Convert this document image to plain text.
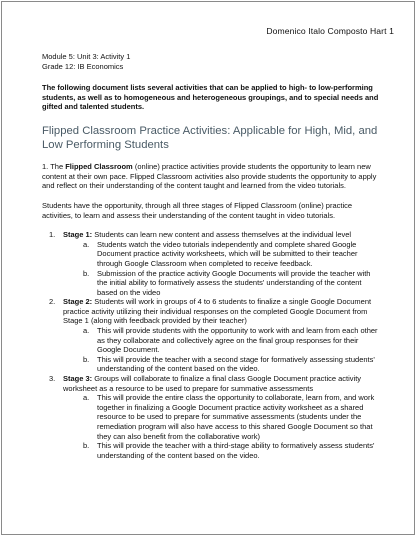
Domenico Italo Composto Hart 1
Module 5: Unit 3: Activity 1
Grade 12: IB Economics
The following document lists several activities that can be applied to high- to low-performing students, as well as to homogeneous and heterogeneous groupings, and to special needs and gifted and talented students.
Flipped Classroom Practice Activities: Applicable for High, Mid, and Low Performing Students
1. The Flipped Classroom (online) practice activities provide students the opportunity to learn new content at their own pace. Flipped Classroom activities also provide students the opportunity to apply and reflect on their understanding of the content taught and learned from the video tutorials.
Students have the opportunity, through all three stages of Flipped Classroom (online) practice activities, to learn and assess their understanding of the content taught in video tutorials.
1. Stage 1: Students can learn new content and assess themselves at the individual level
a. Students watch the video tutorials independently and complete shared Google Document practice activity worksheets, which will be submitted to their teacher through Google Classroom when completed to receive feedback.
b. Submission of the practice activity Google Documents will provide the teacher with the initial ability to formatively assess the students' understanding of the content based on the video
2. Stage 2: Students will work in groups of 4 to 6 students to finalize a single Google Document practice activity utilizing their individual responses on the completed Google Document from Stage 1 (along with feedback provided by their teacher)
a. This will provide students with the opportunity to work with and learn from each other as they collaborate and collectively agree on the final group responses for their Google Document.
b. This will provide the teacher with a second stage for formatively assessing students' understanding of the content based on the video.
3. Stage 3: Groups will collaborate to finalize a final class Google Document practice activity worksheet as a resource to be used to prepare for summative assessments
a. This will provide the entire class the opportunity to collaborate, learn from, and work together in finalizing a Google Document practice activity worksheet as a shared resource to be used to prepare for summative assessments (students under the remediation program will also have access to this shared Google Document so that they can also benefit from the collaborative work)
b. This will provide the teacher with a third-stage ability to formatively assess students' understanding of the content based on the video.
